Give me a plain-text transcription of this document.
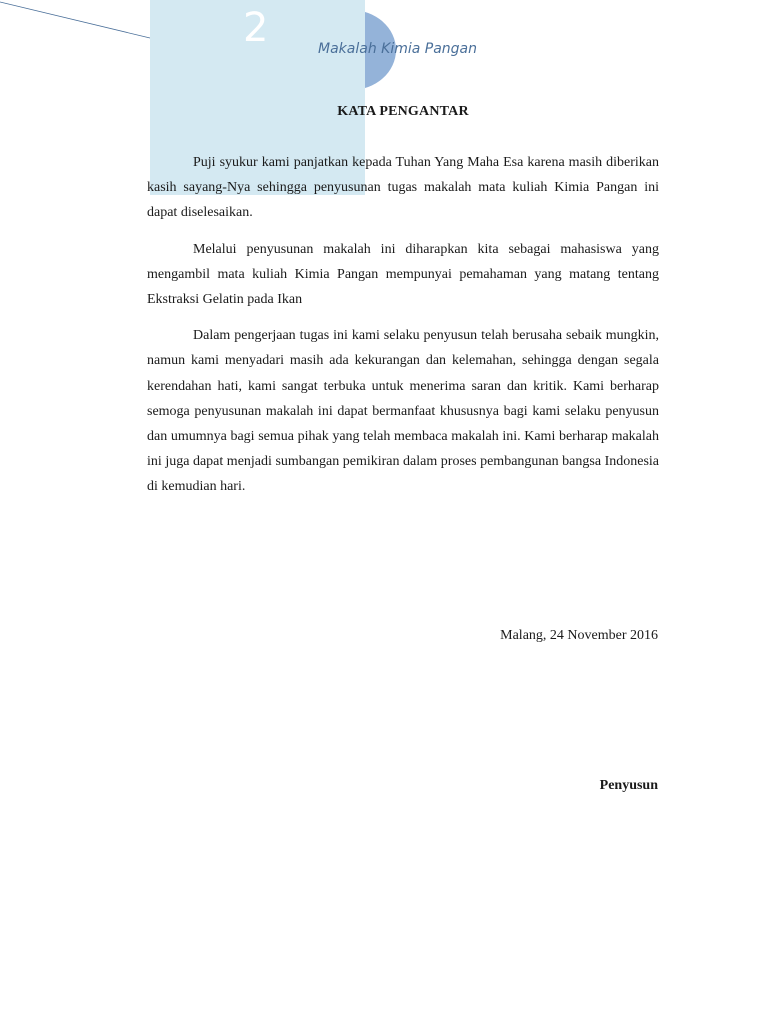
2	Makalah Kimia Pangan
KATA PENGANTAR

Puji syukur kami panjatkan kepada Tuhan Yang Maha Esa karena masih diberikan kasih sayang-Nya sehingga penyusunan tugas makalah mata kuliah Kimia Pangan ini dapat diselesaikan.

Melalui penyusunan makalah ini diharapkan kita sebagai mahasiswa yang mengambil mata kuliah Kimia Pangan mempunyai pemahaman yang matang tentang Ekstraksi Gelatin pada Ikan

Dalam pengerjaan tugas ini kami selaku penyusun telah berusaha sebaik mungkin, namun kami menyadari masih ada kekurangan dan kelemahan, sehingga dengan segala kerendahan hati, kami sangat terbuka untuk menerima saran dan kritik. Kami berharap semoga penyusunan makalah ini dapat bermanfaat khususnya bagi kami selaku penyusun dan umumnya bagi semua pihak yang telah membaca makalah ini. Kami berharap makalah ini juga dapat menjadi sumbangan pemikiran dalam proses pembangunan bangsa Indonesia di kemudian hari.

Malang, 24 November 2016
Penyusun
